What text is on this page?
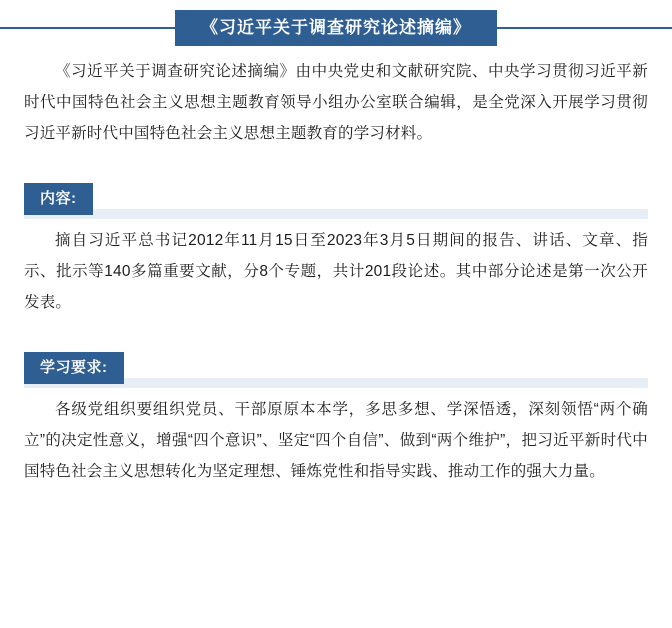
《习近平关于调查研究论述摘编》

《习近平关于调查研究论述摘编》由中央党史和文献研究院、中央学习贯彻习近平新时代中国特色社会主义思想主题教育领导小组办公室联合编辑，是全党深入开展学习贯彻习近平新时代中国特色社会主义思想主题教育的学习材料。

内容:

摘自习近平总书记2012年11月15日至2023年3月5日期间的报告、讲话、文章、指示、批示等140多篇重要文献，分8个专题，共计201段论述。其中部分论述是第一次公开发表。

学习要求:

各级党组织要组织党员、干部原原本本学，多思多想、学深悟透，深刻领悟“两个确立”的决定性意义，增强“四个意识”、坚定“四个自信”、做到“两个维护”，把习近平新时代中国特色社会主义思想转化为坚定理想、锤炼党性和指导实践、推动工作的强大力量。
